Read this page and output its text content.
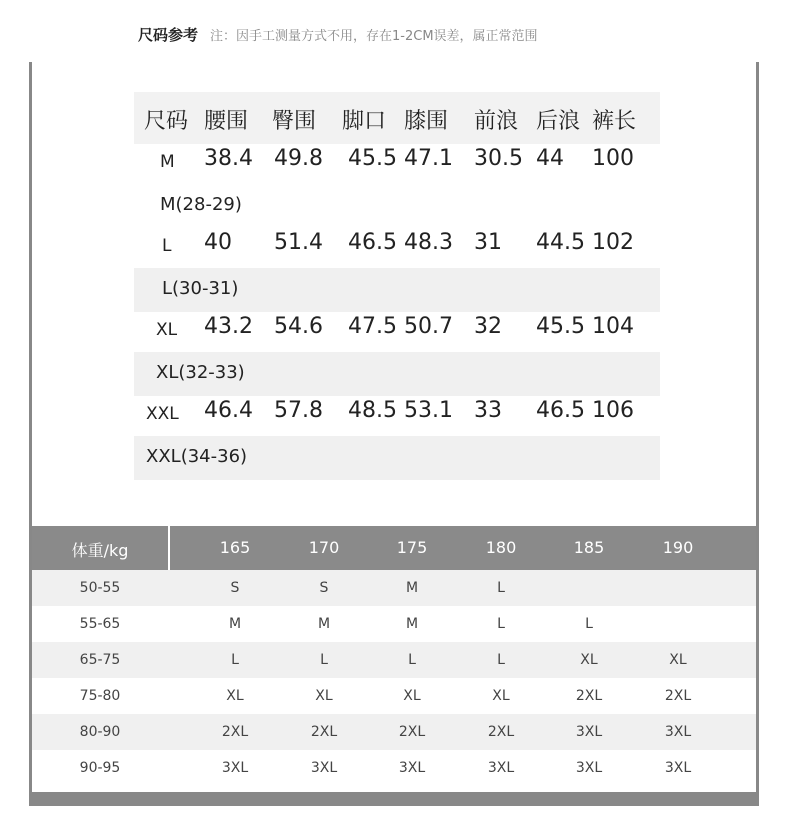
尺码参考 注：因手工测量方式不用，存在1-2CM误差，属正常范围
尺码 腰围 臀围 脚口 膝围 前浪 后浪 裤长
M 38.4 49.8 45.5 47.1 30.5 44 100
M(28-29)
L 40 51.4 46.5 48.3 31 44.5 102
L(30-31)
XL 43.2 54.6 47.5 50.7 32 45.5 104
XL(32-33)
XXL 46.4 57.8 48.5 53.1 33 46.5 106
XXL(34-36)
体重/kg	165	170	175	180	185	190
50-55	S	S	M	L
55-65	M	M	M	L	L
65-75	L	L	L	L	XL	XL
75-80	XL	XL	XL	XL	2XL	2XL
80-90	2XL	2XL	2XL	2XL	3XL	3XL
90-95	3XL	3XL	3XL	3XL	3XL	3XL
